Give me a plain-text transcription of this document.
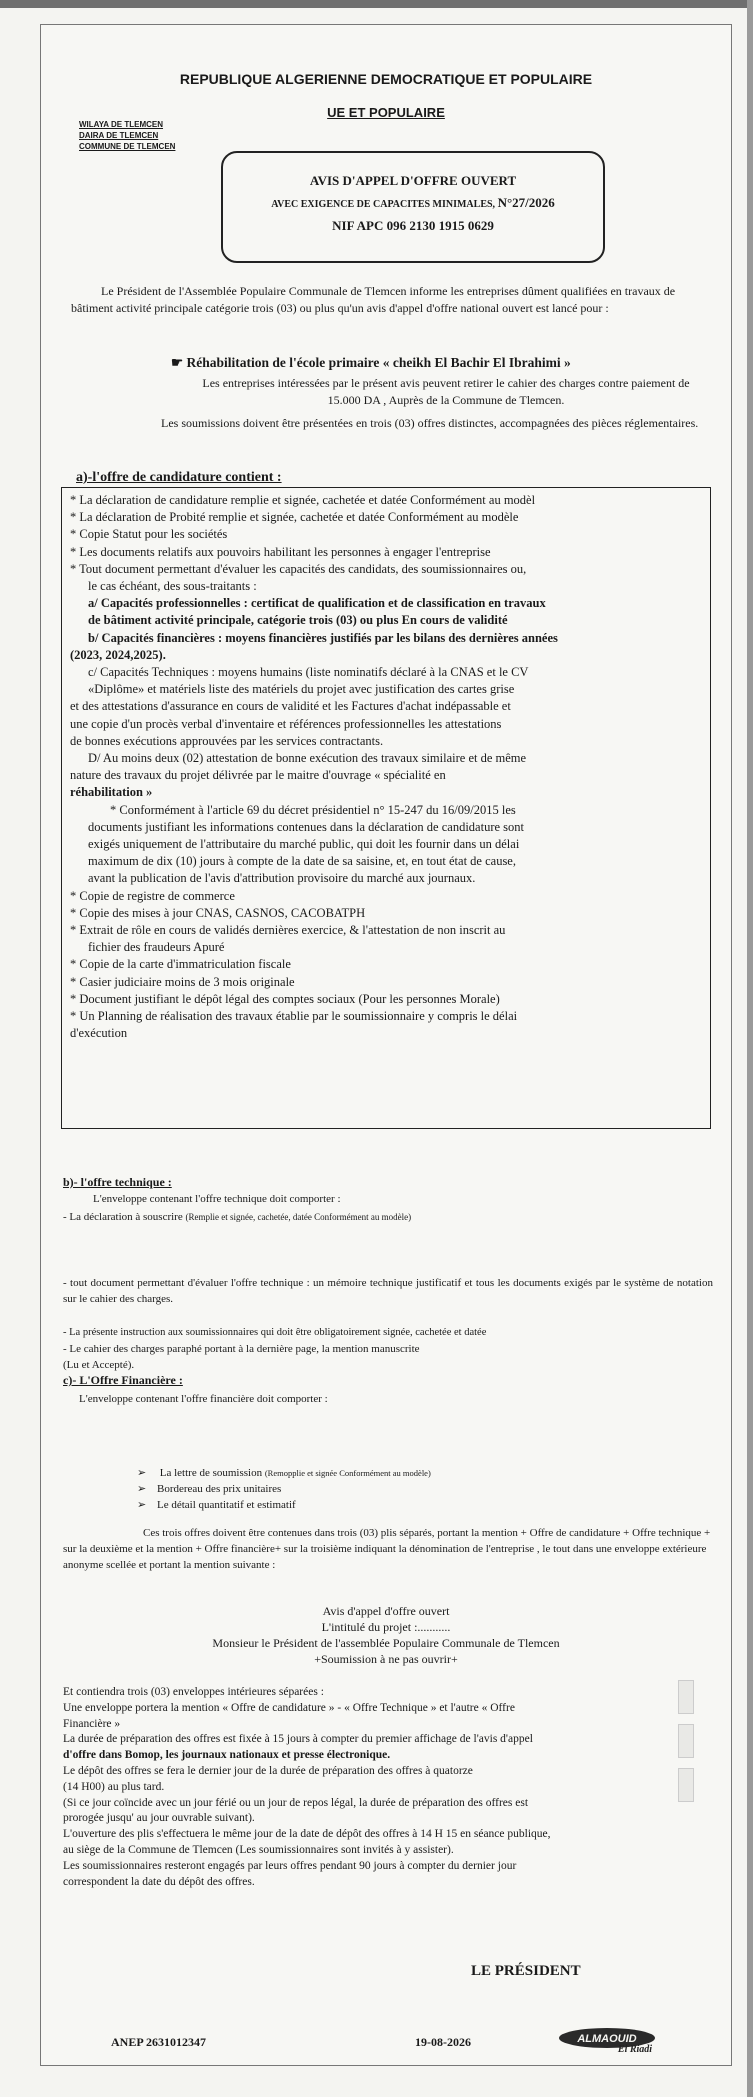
REPUBLIQUE ALGERIENNE DEMOCRATIQUE ET POPULAIRE
UE ET POPULAIRE
WILAYA DE TLEMCEN
DAIRA DE TLEMCEN
COMMUNE DE TLEMCEN
AVIS D'APPEL D'OFFRE OUVERT
AVEC EXIGENCE DE CAPACITES MINIMALES, N°27/2026
NIF APC 096 2130 1915 0629
Le Président de l'Assemblée Populaire Communale de Tlemcen informe les entreprises dûment qualifiées en travaux de bâtiment activité principale catégorie trois (03) ou plus qu'un avis d'appel d'offre national ouvert est lancé pour :
☛ Réhabilitation de l'école primaire « cheikh El Bachir El Ibrahimi »
Les entreprises intéressées par le présent avis peuvent retirer le cahier des charges contre paiement de 15.000 DA , Auprès de la Commune de Tlemcen.
Les soumissions doivent être présentées en trois (03) offres distinctes, accompagnées des pièces réglementaires.
a)-l'offre de candidature contient :

* La déclaration de candidature remplie et signée, cachetée et datée Conformément au modèl

* La déclaration de Probité remplie et signée, cachetée et datée Conformément au modèle

* Copie Statut pour les sociétés

* Les documents relatifs aux pouvoirs habilitant les personnes à engager l'entreprise

* Tout document permettant d'évaluer les capacités des candidats, des soumissionnaires ou,

le cas échéant, des sous-traitants :

a/ Capacités professionnelles : certificat de qualification et de classification en travaux

de bâtiment activité principale, catégorie trois (03) ou plus En cours de validité

b/ Capacités financières : moyens financières justifiés par les bilans des dernières années

(2023, 2024,2025).

c/ Capacités Techniques : moyens humains (liste nominatifs déclaré à la CNAS et le CV

«Diplôme» et matériels liste des matériels du projet avec justification des cartes grise

et des attestations d'assurance en cours de validité et les Factures d'achat indépassable et

une copie d'un procès verbal d'inventaire et références professionnelles les attestations

de bonnes exécutions approuvées par les services contractants.

D/ Au moins deux (02) attestation de bonne exécution des travaux similaire et de même

nature des travaux du projet délivrée par le maitre d'ouvrage « spécialité en

réhabilitation »

* Conformément à l'article 69 du décret présidentiel n° 15-247 du 16/09/2015 les

documents justifiant les informations contenues dans la déclaration de candidature sont

exigés uniquement de l'attributaire du marché public, qui doit les fournir dans un délai

maximum de dix (10) jours à compte de la date de sa saisine, et, en tout état de cause,

avant la publication de l'avis d'attribution provisoire du marché aux journaux.

* Copie de registre de commerce

* Copie des mises à jour CNAS, CASNOS, CACOBATPH

* Extrait de rôle en cours de validés dernières exercice, & l'attestation de non inscrit au

fichier des fraudeurs Apuré

* Copie de la carte d'immatriculation fiscale

* Casier judiciaire moins de 3 mois originale

* Document justifiant le dépôt légal des comptes sociaux (Pour les personnes Morale)

* Un Planning de réalisation des travaux établie par le soumissionnaire y compris le délai

d'exécution

b)- l'offre technique :
L'enveloppe contenant l'offre technique doit comporter :
- La déclaration à souscrire (Remplie et signée, cachetée, datée Conformément au modèle)
- tout document permettant d'évaluer l'offre technique : un mémoire technique justificatif et tous les documents exigés par le système de notation sur le cahier des charges.
- La présente instruction aux soumissionnaires qui doit être obligatoirement signée, cachetée et datée
- Le cahier des charges paraphé portant à la dernière page, la mention manuscrite
(Lu et Accepté).
c)- L'Offre Financière :
L'enveloppe contenant l'offre financière doit comporter :
➢ La lettre de soumission (Remopplie et signée Conformément au modèle)
➢ Bordereau des prix unitaires
➢ Le détail quantitatif et estimatif
Ces trois offres doivent être contenues dans trois (03) plis séparés, portant la mention + Offre de candidature + Offre technique + sur la deuxième et la mention + Offre financière+ sur la troisième indiquant la dénomination de l'entreprise , le tout dans une enveloppe extérieure anonyme scellée et portant la mention suivante :
Avis d'appel d'offre ouvert
L'intitulé du projet :...........
Monsieur le Président de l'assemblée Populaire Communale de Tlemcen
+Soumission à ne pas ouvrir+
Et contiendra trois (03) enveloppes intérieures séparées :
Une enveloppe portera la mention « Offre de candidature » - « Offre Technique » et l'autre « Offre
Financière »
La durée de préparation des offres est fixée à 15 jours à compter du premier affichage de l'avis d'appel
d'offre dans Bomop, les journaux nationaux et presse électronique.
Le dépôt des offres se fera le dernier jour de la durée de préparation des offres à quatorze
(14 H00) au plus tard.
(Si ce jour coïncide avec un jour férié ou un jour de repos légal, la durée de préparation des offres est
prorogée jusqu' au jour ouvrable suivant).
L'ouverture des plis s'effectuera le même jour de la date de dépôt des offres à 14 H 15 en séance publique,
au siège de la Commune de Tlemcen (Les soumissionnaires sont invités à y assister).
Les soumissionnaires resteront engagés par leurs offres pendant 90 jours à compter du dernier jour
correspondent la date du dépôt des offres.
LE PRÉSIDENT
ANEP 2631012347	19-08-2026	ALMAOUID
El Riadi
